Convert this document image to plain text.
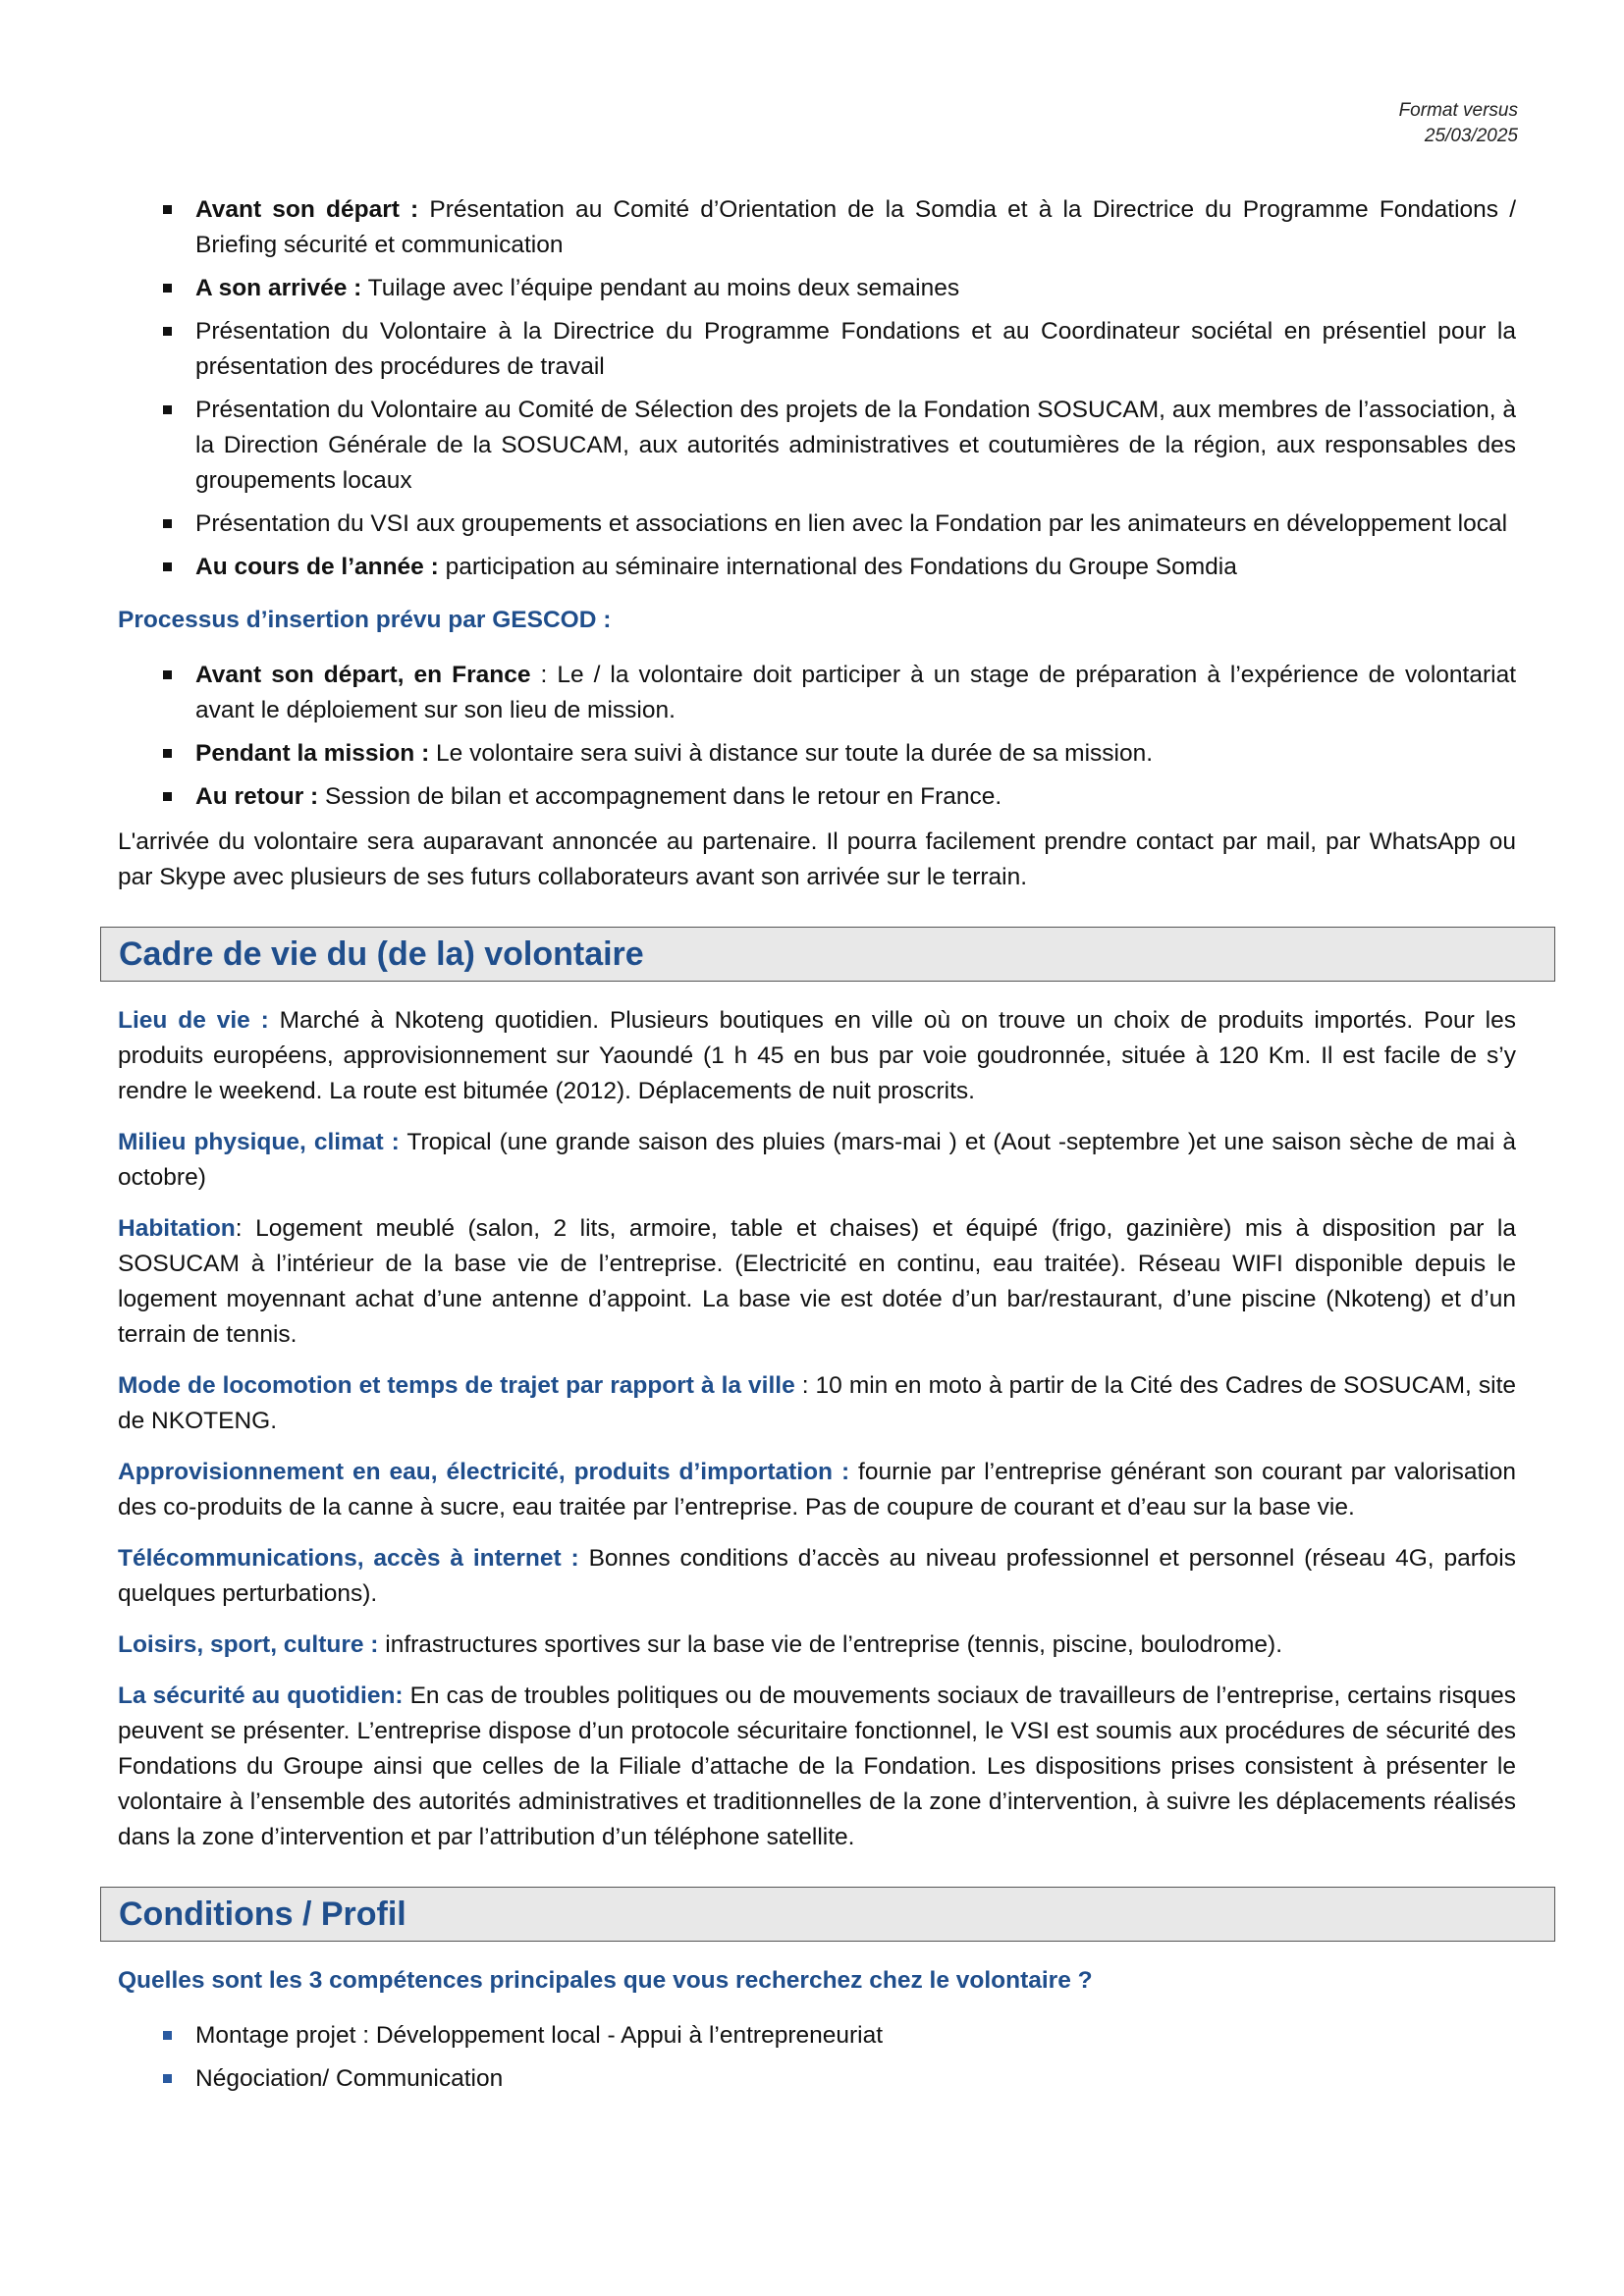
Format versus
25/03/2025
Avant son départ : Présentation au Comité d’Orientation de la Somdia et à la Directrice du Programme Fondations / Briefing sécurité et communication
A son arrivée : Tuilage avec l’équipe pendant au moins deux semaines
Présentation du Volontaire à la Directrice du Programme Fondations et au Coordinateur sociétal en présentiel pour la présentation des procédures de travail
Présentation du Volontaire au Comité de Sélection des projets de la Fondation SOSUCAM, aux membres de l’association, à la Direction Générale de la SOSUCAM, aux autorités administratives et coutumières de la région, aux responsables des groupements locaux
Présentation du VSI aux groupements et associations en lien avec la Fondation par les animateurs en développement local
Au cours de l’année : participation au séminaire international des Fondations du Groupe Somdia
Processus d’insertion prévu par GESCOD :
Avant son départ, en France : Le / la volontaire doit participer à un stage de préparation à l’expérience de volontariat avant le déploiement sur son lieu de mission.
Pendant la mission : Le volontaire sera suivi à distance sur toute la durée de sa mission.
Au retour : Session de bilan et accompagnement dans le retour en France.

L'arrivée du volontaire sera auparavant annoncée au partenaire. Il pourra facilement prendre contact par mail, par WhatsApp ou par Skype avec plusieurs de ses futurs collaborateurs avant son arrivée sur le terrain.

Cadre de vie du (de la) volontaire

Lieu de vie : Marché à Nkoteng quotidien. Plusieurs boutiques en ville où on trouve un choix de produits importés. Pour les produits européens, approvisionnement sur Yaoundé (1 h 45 en bus par voie goudronnée, située à 120 Km. Il est facile de s’y rendre le weekend. La route est bitumée (2012). Déplacements de nuit proscrits.

Milieu physique, climat : Tropical (une grande saison des pluies (mars-mai ) et (Aout -septembre )et une saison sèche de mai à octobre)

Habitation: Logement meublé (salon, 2 lits, armoire, table et chaises) et équipé (frigo, gazinière) mis à disposition par la SOSUCAM à l’intérieur de la base vie de l’entreprise. (Electricité en continu, eau traitée). Réseau WIFI disponible depuis le logement moyennant achat d’une antenne d’appoint. La base vie est dotée d’un bar/restaurant, d’une piscine (Nkoteng) et d’un terrain de tennis.

Mode de locomotion et temps de trajet par rapport à la ville : 10 min en moto à partir de la Cité des Cadres de SOSUCAM, site de NKOTENG.

Approvisionnement en eau, électricité, produits d’importation : fournie par l’entreprise générant son courant par valorisation des co-produits de la canne à sucre, eau traitée par l’entreprise. Pas de coupure de courant et d’eau sur la base vie.

Télécommunications, accès à internet : Bonnes conditions d’accès au niveau professionnel et personnel (réseau 4G, parfois quelques perturbations).

Loisirs, sport, culture : infrastructures sportives sur la base vie de l’entreprise (tennis, piscine, boulodrome).

La sécurité au quotidien: En cas de troubles politiques ou de mouvements sociaux de travailleurs de l’entreprise, certains risques peuvent se présenter. L’entreprise dispose d’un protocole sécuritaire fonctionnel, le VSI est soumis aux procédures de sécurité des Fondations du Groupe ainsi que celles de la Filiale d’attache de la Fondation. Les dispositions prises consistent à présenter le volontaire à l’ensemble des autorités administratives et traditionnelles de la zone d’intervention, à suivre les déplacements réalisés dans la zone d’intervention et par l’attribution d’un téléphone satellite.

Conditions / Profil
Quelles sont les 3 compétences principales que vous recherchez chez le volontaire ?
Montage projet : Développement local - Appui à l’entrepreneuriat
Négociation/ Communication
